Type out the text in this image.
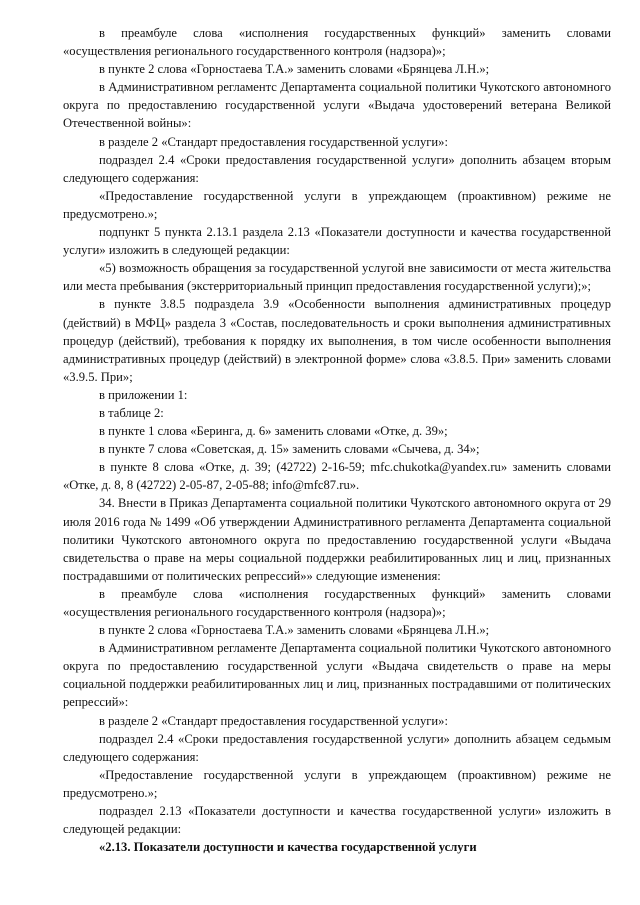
в преамбуле слова «исполнения государственных функций» заменить словами «осуществления регионального государственного контроля (надзора)»;

в пункте 2 слова «Горностаева Т.А.» заменить словами «Брянцева Л.Н.»;

в Административном регламентс Департамента социальной политики Чукотского автономного округа по предоставлению государственной услуги «Выдача удостоверений ветерана Великой Отечественной войны»:

в разделе 2 «Стандарт предоставления государственной услуги»:

подраздел 2.4 «Сроки предоставления государственной услуги» дополнить абзацем вторым следующего содержания:

«Предоставление государственной услуги в упреждающем (проактивном) режиме не предусмотрено.»;

подпункт 5 пункта 2.13.1 раздела 2.13 «Показатели доступности и качества государственной услуги» изложить в следующей редакции:

«5) возможность обращения за государственной услугой вне зависимости от места жительства или места пребывания (экстерриториальный принцип предоставления государственной услуги);»;

в пункте 3.8.5 подраздела 3.9 «Особенности выполнения административных процедур (действий) в МФЦ» раздела 3 «Состав, последовательность и сроки выполнения административных процедур (действий), требования к порядку их выполнения, в том числе особенности выполнения административных процедур (действий) в электронной форме» слова «3.8.5. При» заменить словами «3.9.5. При»;

в приложении 1:

в таблице 2:

в пункте 1 слова «Беринга, д. 6» заменить словами «Отке, д. 39»;

в пункте 7 слова «Советская, д. 15» заменить словами «Сычева, д. 34»;

в пункте 8 слова «Отке, д. 39; (42722) 2-16-59; mfc.chukotka@yandex.ru» заменить словами «Отке, д. 8, 8 (42722) 2-05-87, 2-05-88; info@mfc87.ru».

34. Внести в Приказ Департамента социальной политики Чукотского автономного округа от 29 июля 2016 года № 1499 «Об утверждении Административного регламента Департамента социальной политики Чукотского автономного округа по предоставлению государственной услуги «Выдача свидетельства о праве на меры социальной поддержки реабилитированных лиц и лиц, признанных пострадавшими от политических репрессий»» следующие изменения:

в преамбуле слова «исполнения государственных функций» заменить словами «осуществления регионального государственного контроля (надзора)»;

в пункте 2 слова «Горностаева Т.А.» заменить словами «Брянцева Л.Н.»;

в Административном регламенте Департамента социальной политики Чукотского автономного округа по предоставлению государственной услуги «Выдача свидетельств о праве на меры социальной поддержки реабилитированных лиц и лиц, признанных пострадавшими от политических репрессий»:

в разделе 2 «Стандарт предоставления государственной услуги»:

подраздел 2.4 «Сроки предоставления государственной услуги» дополнить абзацем седьмым следующего содержания:

«Предоставление государственной услуги в упреждающем (проактивном) режиме не предусмотрено.»;

подраздел 2.13 «Показатели доступности и качества государственной услуги» изложить в следующей редакции:

«2.13. Показатели доступности и качества государственной услуги
